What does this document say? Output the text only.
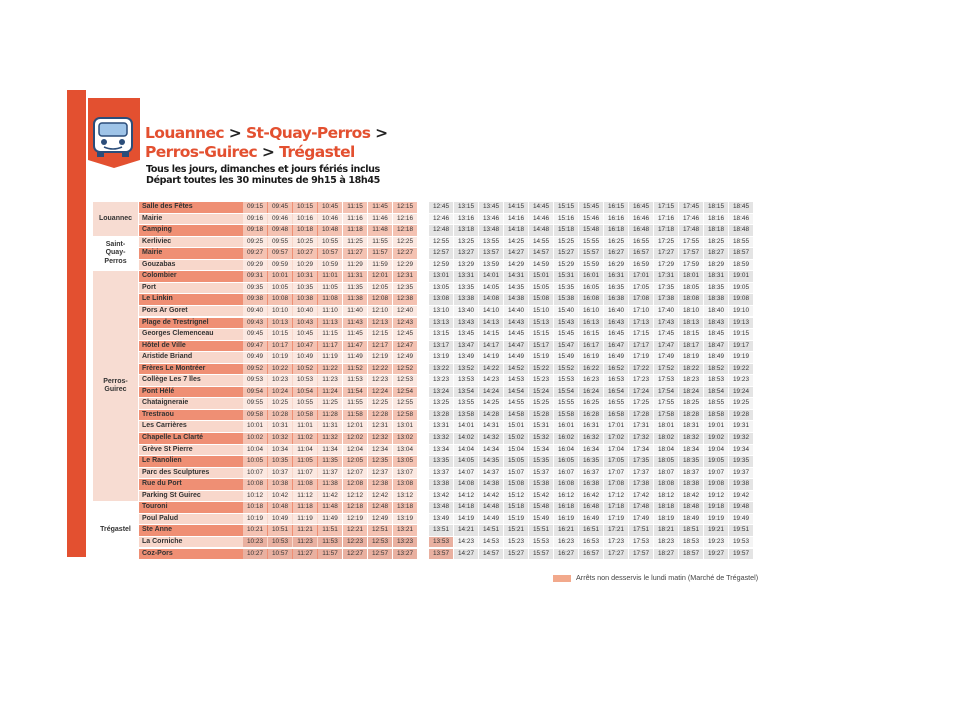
Louannec > St-Quay-Perros >
Perros-Guirec > Trégastel
Tous les jours, dimanches et jours fériés inclus
Départ toutes les 30 minutes de 9h15 à 18h45
Louannec
Saint-
Quay-
Perros
Perros-
Guirec
Trégastel
Salle des Fêtes	09:15	09:45	10:15	10:45	11:15	11:45	12:15	12:45	13:15	13:45	14:15	14:45	15:15	15:45	16:15	16:45	17:15	17:45	18:15	18:45
Mairie	09:16	09:46	10:16	10:46	11:16	11:46	12:16	12:46	13:16	13:46	14:16	14:46	15:16	15:46	16:16	16:46	17:16	17:46	18:16	18:46
Camping	09:18	09:48	10:18	10:48	11:18	11:48	12:18	12:48	13:18	13:48	14:18	14:48	15:18	15:48	16:18	16:48	17:18	17:48	18:18	18:48
Kerliviec	09:25	09:55	10:25	10:55	11:25	11:55	12:25	12:55	13:25	13:55	14:25	14:55	15:25	15:55	16:25	16:55	17:25	17:55	18:25	18:55
Mairie	09:27	09:57	10:27	10:57	11:27	11:57	12:27	12:57	13:27	13:57	14:27	14:57	15:27	15:57	16:27	16:57	17:27	17:57	18:27	18:57
Gouzabas	09:29	09:59	10:29	10:59	11:29	11:59	12:29	12:59	13:29	13:59	14:29	14:59	15:29	15:59	16:29	16:59	17:29	17:59	18:29	18:59
Colombier	09:31	10:01	10:31	11:01	11:31	12:01	12:31	13:01	13:31	14:01	14:31	15:01	15:31	16:01	16:31	17:01	17:31	18:01	18:31	19:01
Port	09:35	10:05	10:35	11:05	11:35	12:05	12:35	13:05	13:35	14:05	14:35	15:05	15:35	16:05	16:35	17:05	17:35	18:05	18:35	19:05
Le Linkin	09:38	10:08	10:38	11:08	11:38	12:08	12:38	13:08	13:38	14:08	14:38	15:08	15:38	16:08	16:38	17:08	17:38	18:08	18:38	19:08
Pors Ar Goret	09:40	10:10	10:40	11:10	11:40	12:10	12:40	13:10	13:40	14:10	14:40	15:10	15:40	16:10	16:40	17:10	17:40	18:10	18:40	19:10
Plage de Trestrignel	09:43	10:13	10:43	11:13	11:43	12:13	12:43	13:13	13:43	14:13	14:43	15:13	15:43	16:13	16:43	17:13	17:43	18:13	18:43	19:13
Georges Clemenceau	09:45	10:15	10:45	11:15	11:45	12:15	12:45	13:15	13:45	14:15	14:45	15:15	15:45	16:15	16:45	17:15	17:45	18:15	18:45	19:15
Hôtel de Ville	09:47	10:17	10:47	11:17	11:47	12:17	12:47	13:17	13:47	14:17	14:47	15:17	15:47	16:17	16:47	17:17	17:47	18:17	18:47	19:17
Aristide Briand	09:49	10:19	10:49	11:19	11:49	12:19	12:49	13:19	13:49	14:19	14:49	15:19	15:49	16:19	16:49	17:19	17:49	18:19	18:49	19:19
Frères Le Montréer	09:52	10:22	10:52	11:22	11:52	12:22	12:52	13:22	13:52	14:22	14:52	15:22	15:52	16:22	16:52	17:22	17:52	18:22	18:52	19:22
Collège Les 7 Îles	09:53	10:23	10:53	11:23	11:53	12:23	12:53	13:23	13:53	14:23	14:53	15:23	15:53	16:23	16:53	17:23	17:53	18:23	18:53	19:23
Pont Hélé	09:54	10:24	10:54	11:24	11:54	12:24	12:54	13:24	13:54	14:24	14:54	15:24	15:54	16:24	16:54	17:24	17:54	18:24	18:54	19:24
Chataigneraie	09:55	10:25	10:55	11:25	11:55	12:25	12:55	13:25	13:55	14:25	14:55	15:25	15:55	16:25	16:55	17:25	17:55	18:25	18:55	19:25
Trestraou	09:58	10:28	10:58	11:28	11:58	12:28	12:58	13:28	13:58	14:28	14:58	15:28	15:58	16:28	16:58	17:28	17:58	18:28	18:58	19:28
Les Carrières	10:01	10:31	11:01	11:31	12:01	12:31	13:01	13:31	14:01	14:31	15:01	15:31	16:01	16:31	17:01	17:31	18:01	18:31	19:01	19:31
Chapelle La Clarté	10:02	10:32	11:02	11:32	12:02	12:32	13:02	13:32	14:02	14:32	15:02	15:32	16:02	16:32	17:02	17:32	18:02	18:32	19:02	19:32
Grève St Pierre	10:04	10:34	11:04	11:34	12:04	12:34	13:04	13:34	14:04	14:34	15:04	15:34	16:04	16:34	17:04	17:34	18:04	18:34	19:04	19:34
Le Ranolien	10:05	10:35	11:05	11:35	12:05	12:35	13:05	13:35	14:05	14:35	15:05	15:35	16:05	16:35	17:05	17:35	18:05	18:35	19:05	19:35
Parc des Sculptures	10:07	10:37	11:07	11:37	12:07	12:37	13:07	13:37	14:07	14:37	15:07	15:37	16:07	16:37	17:07	17:37	18:07	18:37	19:07	19:37
Rue du Port	10:08	10:38	11:08	11:38	12:08	12:38	13:08	13:38	14:08	14:38	15:08	15:38	16:08	16:38	17:08	17:38	18:08	18:38	19:08	19:38
Parking St Guirec	10:12	10:42	11:12	11:42	12:12	12:42	13:12	13:42	14:12	14:42	15:12	15:42	16:12	16:42	17:12	17:42	18:12	18:42	19:12	19:42
Touroni	10:18	10:48	11:18	11:48	12:18	12:48	13:18	13:48	14:18	14:48	15:18	15:48	16:18	16:48	17:18	17:48	18:18	18:48	19:18	19:48
Poul Palud	10:19	10:49	11:19	11:49	12:19	12:49	13:19	13:49	14:19	14:49	15:19	15:49	16:19	16:49	17:19	17:49	18:19	18:49	19:19	19:49
Ste Anne	10:21	10:51	11:21	11:51	12:21	12:51	13:21	13:51	14:21	14:51	15:21	15:51	16:21	16:51	17:21	17:51	18:21	18:51	19:21	19:51
La Corniche	10:23	10:53	11:23	11:53	12:23	12:53	13:23	13:53	14:23	14:53	15:23	15:53	16:23	16:53	17:23	17:53	18:23	18:53	19:23	19:53
Coz-Pors	10:27	10:57	11:27	11:57	12:27	12:57	13:27	13:57	14:27	14:57	15:27	15:57	16:27	16:57	17:27	17:57	18:27	18:57	19:27	19:57
Arrêts non desservis le lundi matin (Marché de Trégastel)
